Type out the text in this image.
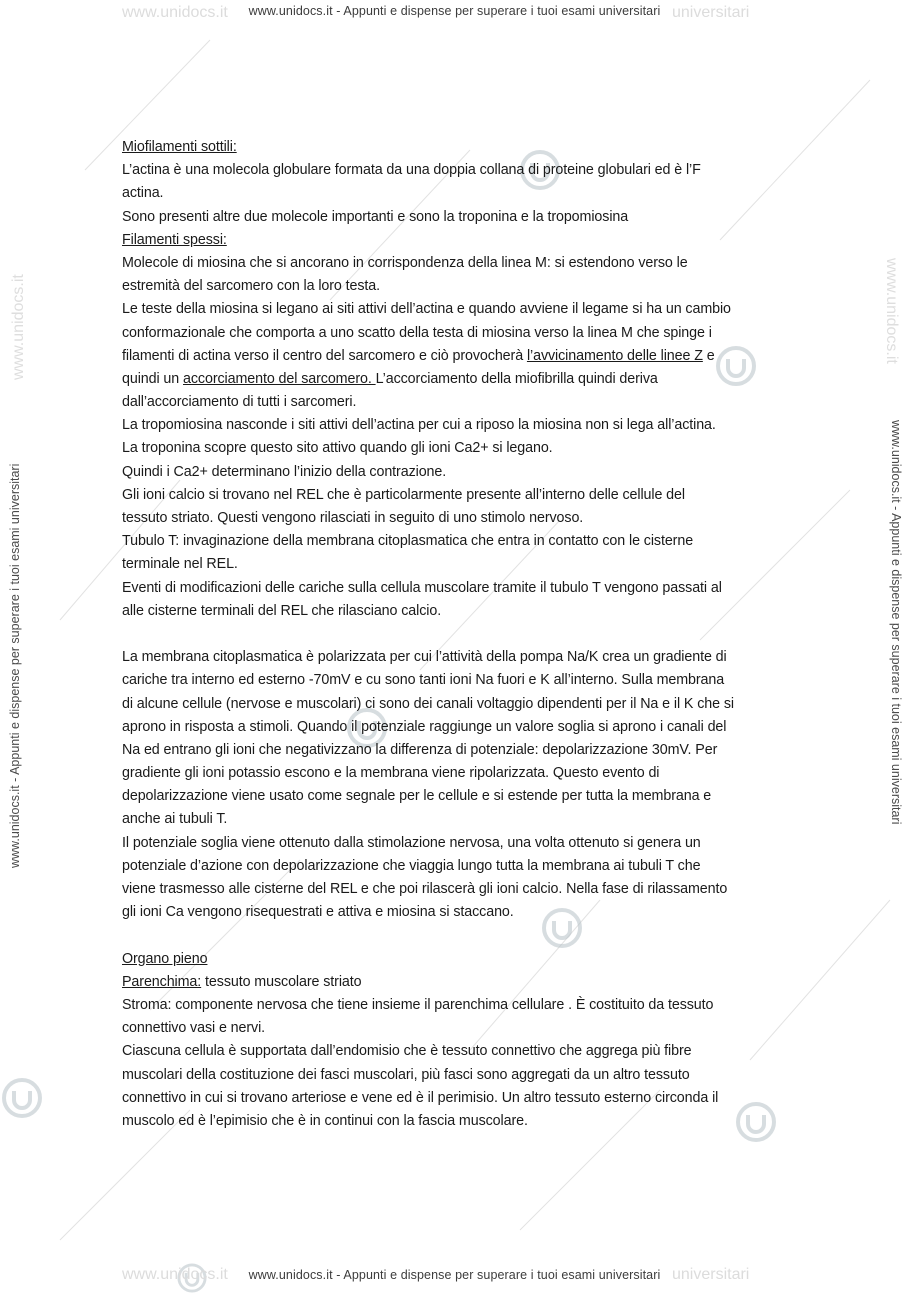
www.unidocs.it	universitari
www.unidocs.it	universitari
www.unidocs.it - Appunti e dispense per superare i tuoi esami universitari
www.unidocs.it - Appunti e dispense per superare i tuoi esami universitari
www.unidocs.it - Appunti e dispense per superare i tuoi esami universitari	www.unidocs.it - Appunti e dispense per superare i tuoi esami universitari
www.unidocs.it	www.unidocs.it
Miofilamenti sottili:
L’actina è una molecola globulare formata da una doppia collana di proteine globulari ed è l’F
actina.
Sono presenti altre due molecole importanti e sono la troponina e la tropomiosina
Filamenti spessi:
Molecole di miosina che si ancorano in corrispondenza della linea M: si estendono verso le
estremità del sarcomero con la loro testa.
Le teste della miosina si legano ai siti attivi dell’actina e quando avviene il legame si ha un cambio
conformazionale che comporta a uno scatto della testa di miosina verso la linea M che spinge i
filamenti di actina verso il centro del sarcomero e ciò provocherà l’avvicinamento delle linee Z e
quindi un accorciamento del sarcomero. L’accorciamento della miofibrilla quindi deriva
dall’accorciamento di tutti i sarcomeri.
La tropomiosina nasconde i siti attivi dell’actina per cui a riposo la miosina non si lega all’actina.
La troponina scopre questo sito attivo quando gli ioni Ca2+ si legano.
Quindi i Ca2+ determinano l’inizio della contrazione.
Gli ioni calcio si trovano nel REL che è particolarmente presente all’interno delle cellule del
tessuto striato. Questi vengono rilasciati in seguito di uno stimolo nervoso.
Tubulo T: invaginazione della membrana citoplasmatica che entra in contatto con le cisterne
terminale nel REL.
Eventi di modificazioni delle cariche sulla cellula muscolare tramite il tubulo T vengono passati al
alle cisterne terminali del REL che rilasciano calcio.
La membrana citoplasmatica è polarizzata per cui l’attività della pompa Na/K crea un gradiente di
cariche tra interno ed esterno -70mV e cu sono tanti ioni Na fuori e K all’interno. Sulla membrana
di alcune cellule (nervose e muscolari) ci sono dei canali voltaggio dipendenti per il Na e il K che si
aprono in risposta a stimoli. Quando il potenziale raggiunge un valore soglia si aprono i canali del
Na ed entrano gli ioni che negativizzano la differenza di potenziale: depolarizzazione 30mV. Per
gradiente gli ioni potassio escono e la membrana viene ripolarizzata. Questo evento di
depolarizzazione viene usato come segnale per le cellule e si estende per tutta la membrana e
anche ai tubuli T.
Il potenziale soglia viene ottenuto dalla stimolazione nervosa, una volta ottenuto si genera un
potenziale d’azione con depolarizzazione che viaggia lungo tutta la membrana ai tubuli T che
viene trasmesso alle cisterne del REL e che poi rilascerà gli ioni calcio. Nella fase di rilassamento
gli ioni Ca vengono risequestrati e attiva e miosina si staccano.
Organo pieno
Parenchima: tessuto muscolare striato
Stroma: componente nervosa che tiene insieme il parenchima cellulare . È costituito da tessuto
connettivo vasi e nervi.
Ciascuna cellula è supportata dall’endomisio che è tessuto connettivo che aggrega più fibre
muscolari della costituzione dei fasci muscolari, più fasci sono aggregati da un altro tessuto
connettivo in cui si trovano arteriose e vene ed è il perimisio. Un altro tessuto esterno circonda il
muscolo ed è l’epimisio che è in continui con la fascia muscolare.
